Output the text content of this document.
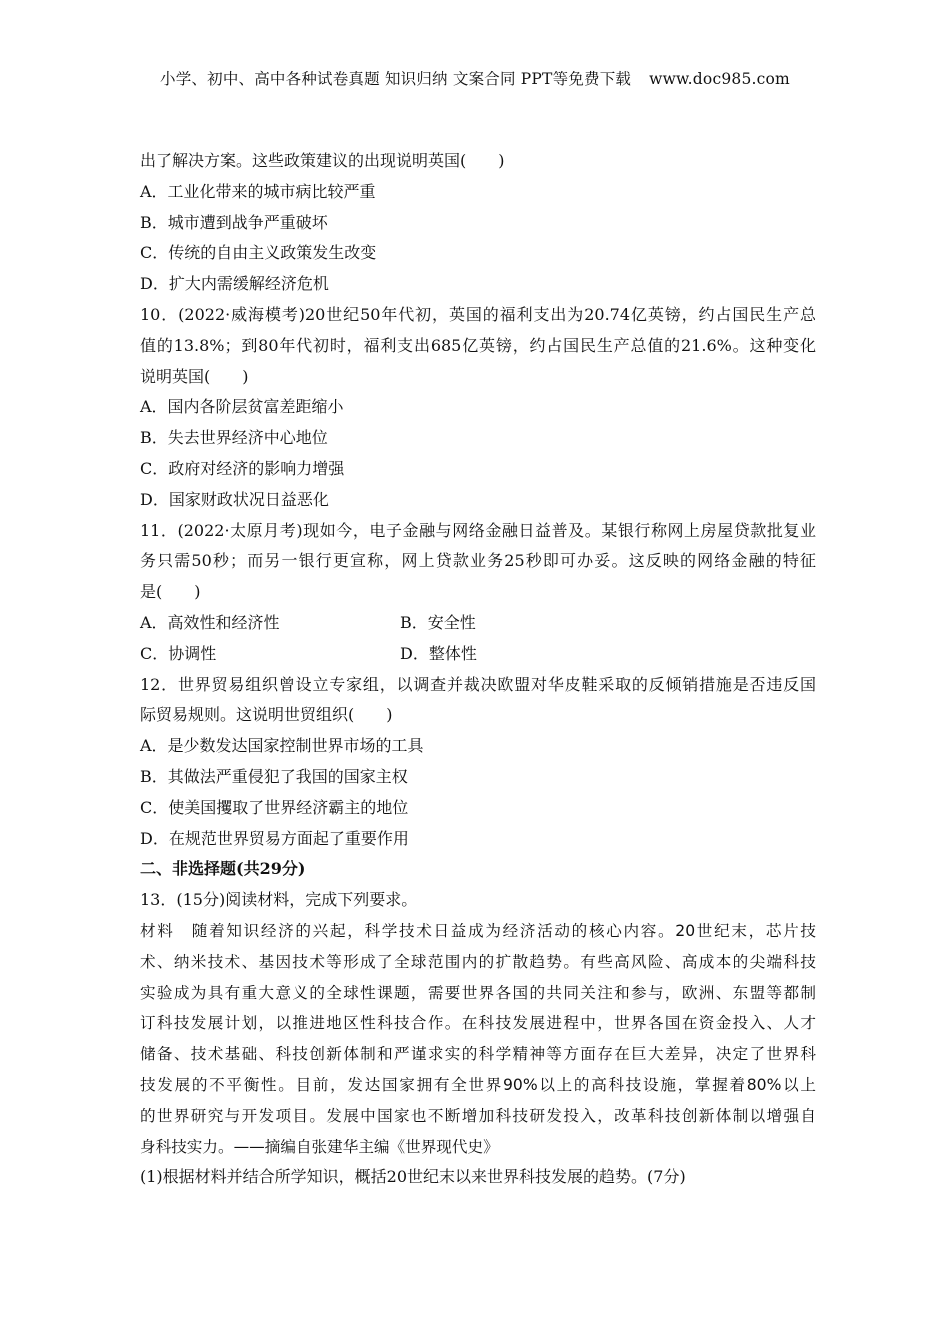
小学、初中、高中各种试卷真题 知识归纳 文案合同 PPT等免费下载 www.doc985.com
出了解决方案。这些政策建议的出现说明英国(　　)
A．工业化带来的城市病比较严重
B．城市遭到战争严重破坏
C．传统的自由主义政策发生改变
D．扩大内需缓解经济危机
10．(2022·威海模考)20世纪50年代初，英国的福利支出为20.74亿英镑，约占国民生产总
值的13.8%；到80年代初时，福利支出685亿英镑，约占国民生产总值的21.6%。这种变化
说明英国(　　)
A．国内各阶层贫富差距缩小
B．失去世界经济中心地位
C．政府对经济的影响力增强
D．国家财政状况日益恶化
11．(2022·太原月考)现如今，电子金融与网络金融日益普及。某银行称网上房屋贷款批复业
务只需50秒；而另一银行更宣称，网上贷款业务25秒即可办妥。这反映的网络金融的特征
是(　　)
A．高效性和经济性	B．安全性
C．协调性	D．整体性
12．世界贸易组织曾设立专家组，以调查并裁决欧盟对华皮鞋采取的反倾销措施是否违反国
际贸易规则。这说明世贸组织(　　)
A．是少数发达国家控制世界市场的工具
B．其做法严重侵犯了我国的国家主权
C．使美国攫取了世界经济霸主的地位
D．在规范世界贸易方面起了重要作用
二、非选择题(共29分)
13．(15分)阅读材料，完成下列要求。
材料　随着知识经济的兴起，科学技术日益成为经济活动的核心内容。20世纪末，芯片技
术、纳米技术、基因技术等形成了全球范围内的扩散趋势。有些高风险、高成本的尖端科技
实验成为具有重大意义的全球性课题，需要世界各国的共同关注和参与，欧洲、东盟等都制
订科技发展计划，以推进地区性科技合作。在科技发展进程中，世界各国在资金投入、人才
储备、技术基础、科技创新体制和严谨求实的科学精神等方面存在巨大差异，决定了世界科
技发展的不平衡性。目前，发达国家拥有全世界90%以上的高科技设施，掌握着80%以上
的世界研究与开发项目。发展中国家也不断增加科技研发投入，改革科技创新体制以增强自
身科技实力。——摘编自张建华主编《世界现代史》
(1)根据材料并结合所学知识，概括20世纪末以来世界科技发展的趋势。(7分)
